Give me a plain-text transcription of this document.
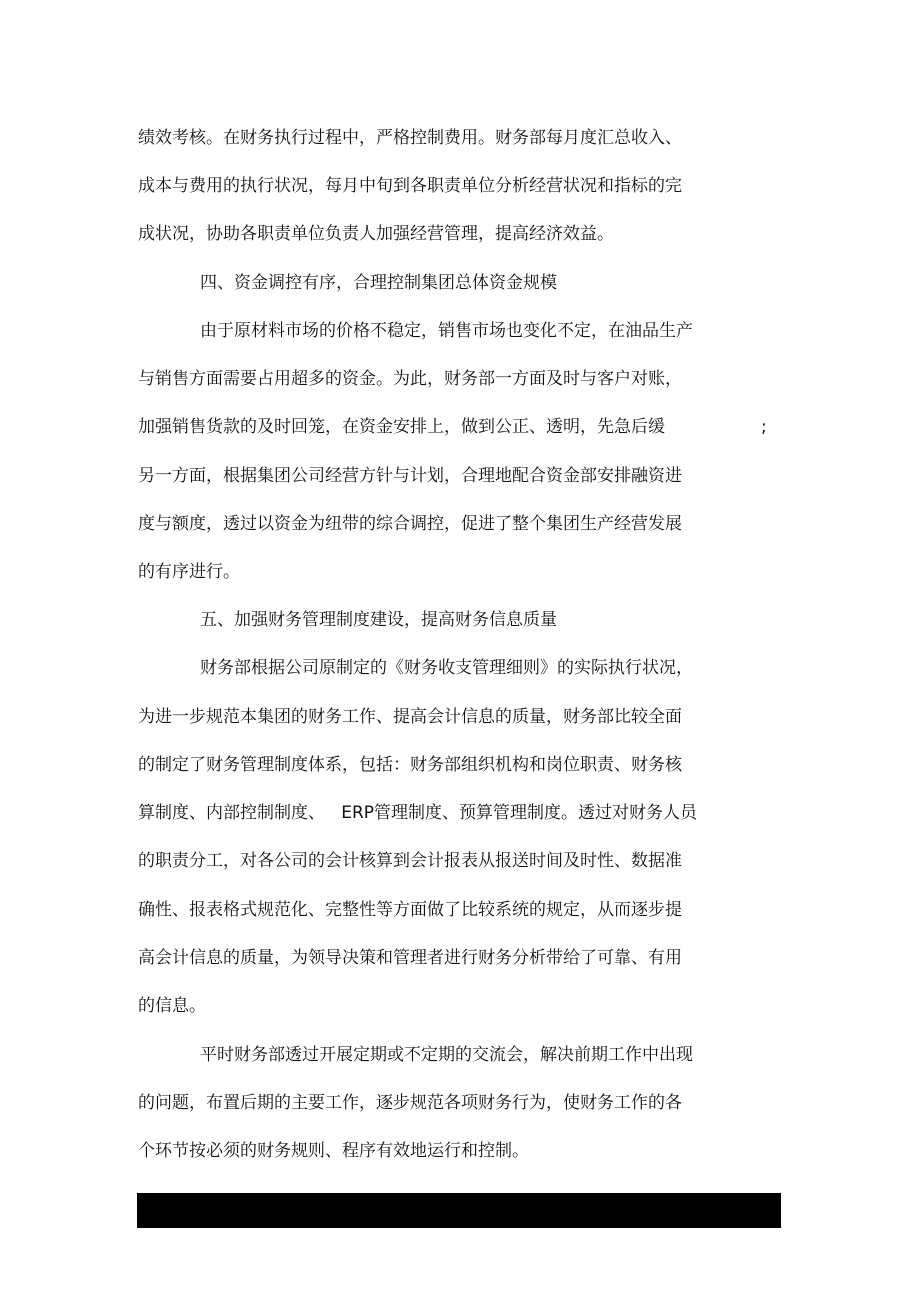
绩效考核。在财务执行过程中，严格控制费用。财务部每月度汇总收入、

成本与费用的执行状况，每月中旬到各职责单位分析经营状况和指标的完

成状况，协助各职责单位负责人加强经营管理，提高经济效益。

四、资金调控有序，合理控制集团总体资金规模

由于原材料市场的价格不稳定，销售市场也变化不定，在油品生产

与销售方面需要占用超多的资金。为此，财务部一方面及时与客户对账，

加强销售货款的及时回笼，在资金安排上，做到公正、透明，先急后缓	;

另一方面，根据集团公司经营方针与计划，合理地配合资金部安排融资进

度与额度，透过以资金为纽带的综合调控，促进了整个集团生产经营发展

的有序进行。

五、加强财务管理制度建设，提高财务信息质量

财务部根据公司原制定的《财务收支管理细则》的实际执行状况，

为进一步规范本集团的财务工作、提高会计信息的质量，财务部比较全面

的制定了财务管理制度体系，包括：财务部组织机构和岗位职责、财务核

算制度、内部控制制度、   ERP管理制度、预算管理制度。透过对财务人员

的职责分工，对各公司的会计核算到会计报表从报送时间及时性、数据准

确性、报表格式规范化、完整性等方面做了比较系统的规定，从而逐步提

高会计信息的质量，为领导决策和管理者进行财务分析带给了可靠、有用

的信息。

平时财务部透过开展定期或不定期的交流会，解决前期工作中出现

的问题，布置后期的主要工作，逐步规范各项财务行为，使财务工作的各

个环节按必须的财务规则、程序有效地运行和控制。
